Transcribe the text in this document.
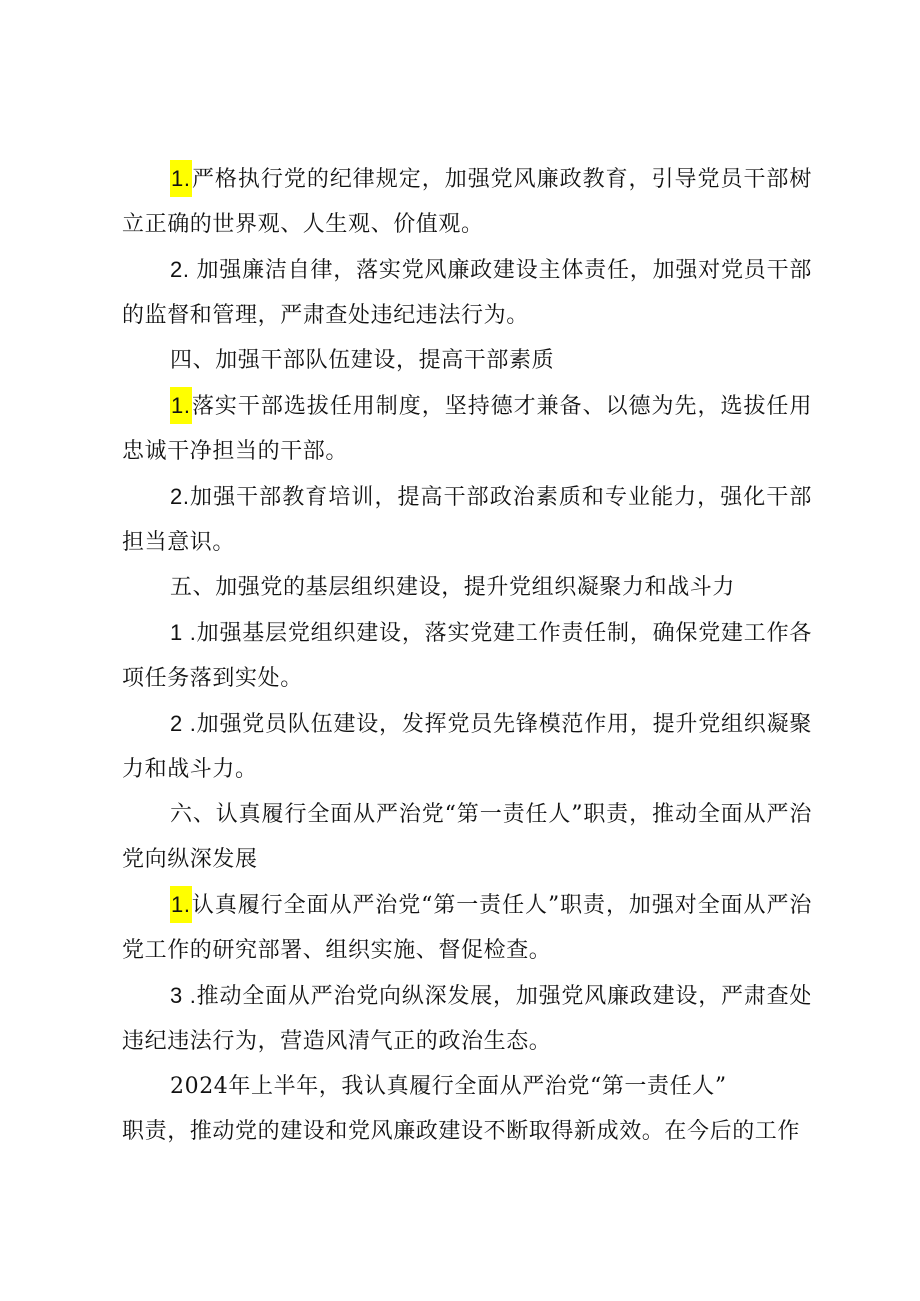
1.严格执行党的纪律规定，加强党风廉政教育，引导党员干部树立正确的世界观、人生观、价值观。

2. 加强廉洁自律，落实党风廉政建设主体责任，加强对党员干部的监督和管理，严肃查处违纪违法行为。

四、加强干部队伍建设，提高干部素质

1.落实干部选拔任用制度，坚持德才兼备、以德为先，选拔任用忠诚干净担当的干部。

2.加强干部教育培训，提高干部政治素质和专业能力，强化干部担当意识。

五、加强党的基层组织建设，提升党组织凝聚力和战斗力

1 .加强基层党组织建设，落实党建工作责任制，确保党建工作各项任务落到实处。

2 .加强党员队伍建设，发挥党员先锋模范作用，提升党组织凝聚力和战斗力。

六、认真履行全面从严治党“第一责任人”职责，推动全面从严治党向纵深发展

1.认真履行全面从严治党“第一责任人”职责，加强对全面从严治党工作的研究部署、组织实施、督促检查。

3 .推动全面从严治党向纵深发展，加强党风廉政建设，严肃查处违纪违法行为，营造风清气正的政治生态。

2024年上半年，我认真履行全面从严治党“第一责任人”
职责，推动党的建设和党风廉政建设不断取得新成效。在今后的工作
